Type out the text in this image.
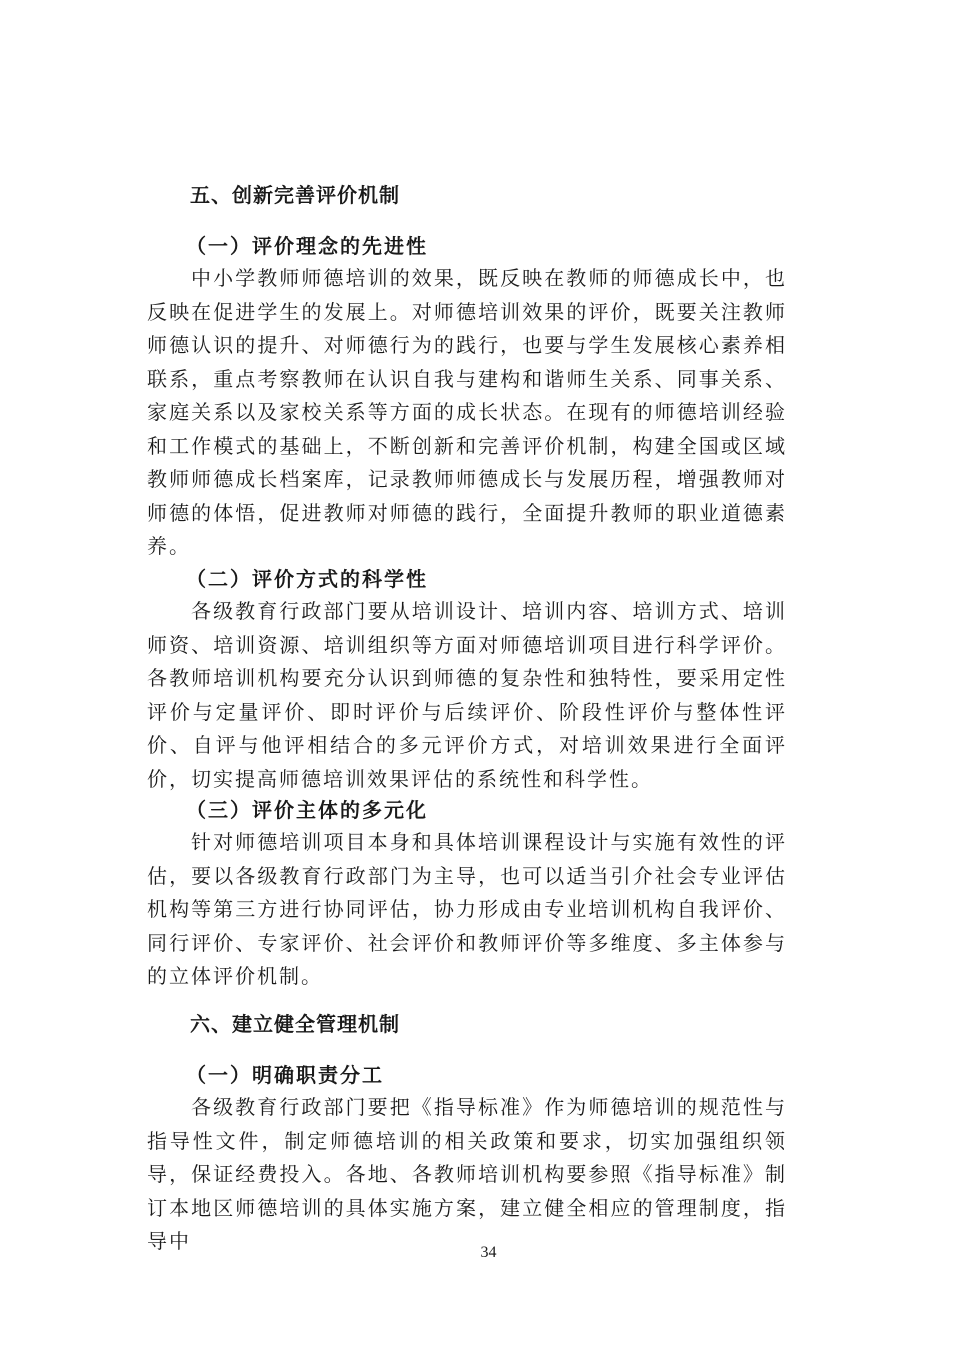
五、创新完善评价机制
（一）评价理念的先进性

中小学教师师德培训的效果，既反映在教师的师德成长中，也反映在促进学生的发展上。对师德培训效果的评价，既要关注教师师德认识的提升、对师德行为的践行，也要与学生发展核心素养相联系，重点考察教师在认识自我与建构和谐师生关系、同事关系、家庭关系以及家校关系等方面的成长状态。在现有的师德培训经验和工作模式的基础上，不断创新和完善评价机制，构建全国或区域教师师德成长档案库，记录教师师德成长与发展历程，增强教师对师德的体悟，促进教师对师德的践行，全面提升教师的职业道德素养。

（二）评价方式的科学性

各级教育行政部门要从培训设计、培训内容、培训方式、培训师资、培训资源、培训组织等方面对师德培训项目进行科学评价。各教师培训机构要充分认识到师德的复杂性和独特性，要采用定性评价与定量评价、即时评价与后续评价、阶段性评价与整体性评价、自评与他评相结合的多元评价方式，对培训效果进行全面评价，切实提高师德培训效果评估的系统性和科学性。

（三）评价主体的多元化

针对师德培训项目本身和具体培训课程设计与实施有效性的评估，要以各级教育行政部门为主导，也可以适当引介社会专业评估机构等第三方进行协同评估，协力形成由专业培训机构自我评价、同行评价、专家评价、社会评价和教师评价等多维度、多主体参与的立体评价机制。

六、建立健全管理机制
（一）明确职责分工

各级教育行政部门要把《指导标准》作为师德培训的规范性与指导性文件，制定师德培训的相关政策和要求，切实加强组织领导，保证经费投入。各地、各教师培训机构要参照《指导标准》制订本地区师德培训的具体实施方案，建立健全相应的管理制度，指导中	34
